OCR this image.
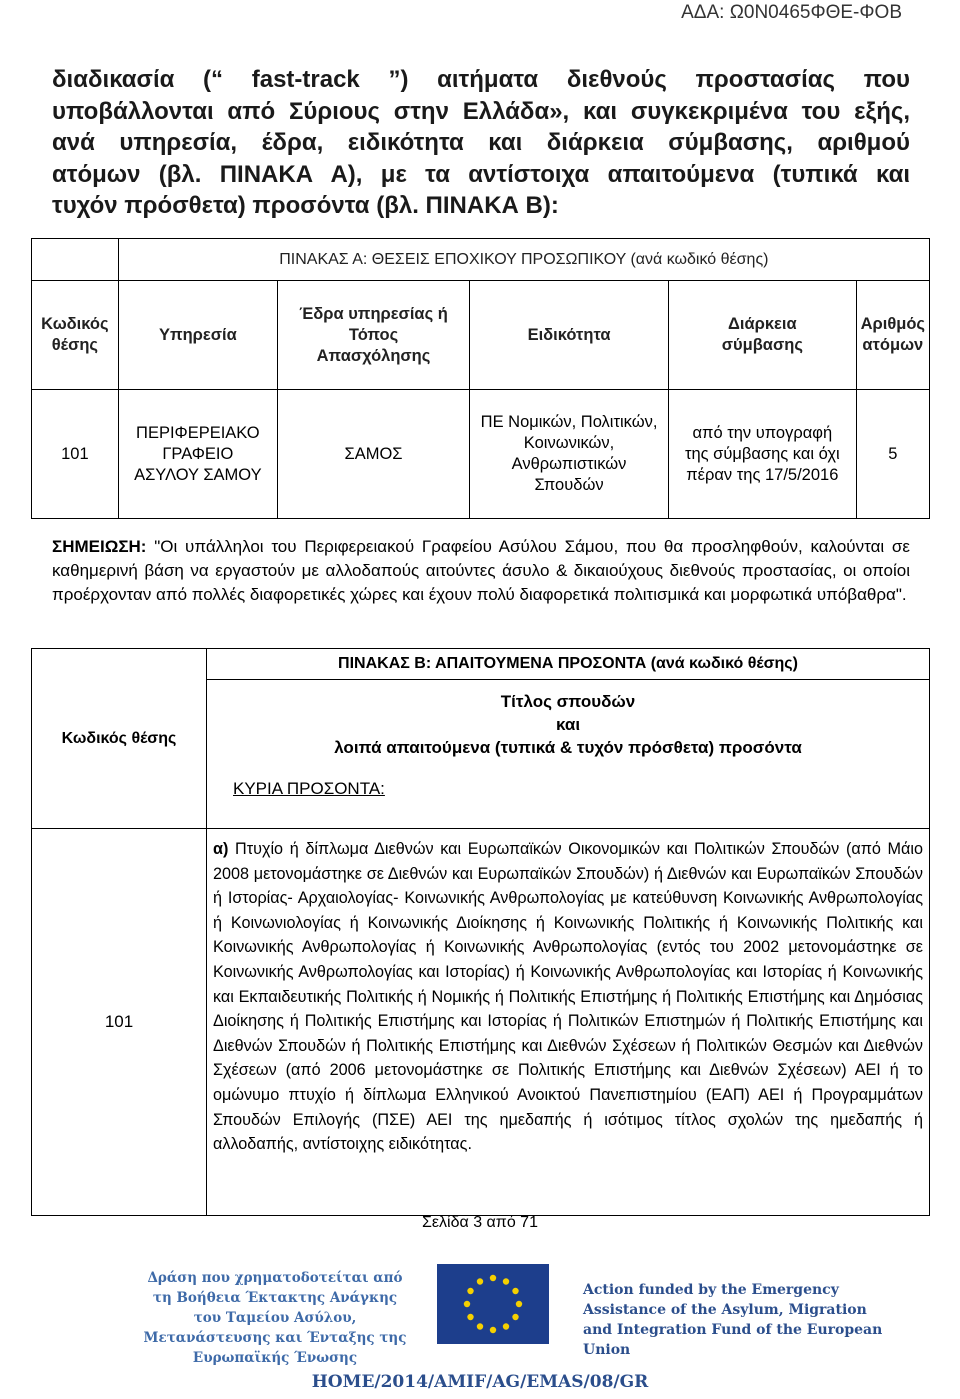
ΑΔΑ: Ω0Ν0465ΦΘΕ-ΦΟΒ
διαδικασία (“ fast-track ”) αιτήματα διεθνούς προστασίας που
υποβάλλονται από Σύριους στην Ελλάδα», και συγκεκριμένα του εξής,
ανά υπηρεσία, έδρα, ειδικότητα και διάρκεια σύμβασης, αριθμού
ατόμων (βλ. ΠΙΝΑΚΑ Α), με τα αντίστοιχα απαιτούμενα (τυπικά και
τυχόν πρόσθετα) προσόντα (βλ. ΠΙΝΑΚΑ Β):
	ΠΙΝΑΚΑΣ Α: ΘΕΣΕΙΣ ΕΠΟΧΙΚΟΥ ΠΡΟΣΩΠΙΚΟΥ (ανά κωδικό θέσης)				
Κωδικός θέσης	Υπηρεσία	Έδρα υπηρεσίας ή Τόπος Απασχόλησης	Ειδικότητα	Διάρκεια σύμβασης	Αριθμός ατόμων
101	ΠΕΡΙΦΕΡΕΙΑΚΟ ΓΡΑΦΕΙΟ ΑΣΥΛΟΥ ΣΑΜΟΥ	ΣΑΜΟΣ	ΠΕ Νομικών, Πολιτικών, Κοινωνικών, Ανθρωπιστικών Σπουδών	από την υπογραφή της σύμβασης και όχι πέραν της 17/5/2016	5
ΣΗΜΕΙΩΣΗ: "Οι υπάλληλοι του Περιφερειακού Γραφείου Ασύλου Σάμου, που θα προσληφθούν, καλούνται σε καθημερινή βάση να εργαστούν με αλλοδαπούς αιτούντες άσυλο & δικαιούχους διεθνούς προστασίας, οι οποίοι προέρχονταν από πολλές διαφορετικές χώρες και έχουν πολύ διαφορετικά πολιτισμικά και μορφωτικά υπόβαθρα".
Κωδικός θέσης	ΠΙΝΑΚΑΣ Β: ΑΠΑΙΤΟΥΜΕΝΑ ΠΡΟΣΟΝΤΑ (ανά κωδικό θέσης)

	Τίτλος σπουδών
και
λοιπά απαιτούμενα (τυπικά & τυχόν πρόσθετα) προσόντα
ΚΥΡΙΑ ΠΡΟΣΟΝΤΑ:

101	α) Πτυχίο ή δίπλωμα Διεθνών και Ευρωπαϊκών Οικονομικών και Πολιτικών Σπουδών (από Μάιο 2008 μετονομάστηκε σε Διεθνών και Ευρωπαϊκών Σπουδών) ή Διεθνών και Ευρωπαϊκών Σπουδών ή Ιστορίας- Αρχαιολογίας- Κοινωνικής Ανθρωπολογίας με κατεύθυνση Κοινωνικής Ανθρωπολογίας ή Κοινωνιολογίας ή Κοινωνικής Διοίκησης ή Κοινωνικής Πολιτικής ή Κοινωνικής Πολιτικής και Κοινωνικής Ανθρωπολογίας ή Κοινωνικής Ανθρωπολογίας (εντός του 2002 μετονομάστηκε σε Κοινωνικής Ανθρωπολογίας και Ιστορίας) ή Κοινωνικής Ανθρωπολογίας και Ιστορίας ή Κοινωνικής και Εκπαιδευτικής Πολιτικής ή Νομικής ή Πολιτικής Επιστήμης ή Πολιτικής Επιστήμης και Δημόσιας Διοίκησης ή Πολιτικής Επιστήμης και Ιστορίας ή Πολιτικών Επιστημών ή Πολιτικής Επιστήμης και Διεθνών Σπουδών ή Πολιτικής Επιστήμης και Διεθνών Σχέσεων ή Πολιτικών Θεσμών και Διεθνών Σχέσεων (από 2006 μετονομάστηκε σε Πολιτικής Επιστήμης και Διεθνών Σχέσεων) ΑΕΙ ή το ομώνυμο πτυχίο ή δίπλωμα Ελληνικού Ανοικτού Πανεπιστημίου (ΕΑΠ) ΑΕΙ ή Προγραμμάτων Σπουδών Επιλογής (ΠΣΕ) ΑΕΙ της ημεδαπής ή ισότιμος τίτλος σχολών της ημεδαπής ή αλλοδαπής, αντίστοιχης ειδικότητας.
Σελίδα 3 από 71
Δράση που χρηματοδοτείται από τη Βοήθεια Έκτακτης Ανάγκης του Ταμείου Ασύλου, Μετανάστευσης και Ένταξης της Ευρωπαϊκής Ένωσης
Action funded by the Emergency Assistance of the Asylum, Migration and Integration Fund of the European Union
HOME/2014/AMIF/AG/EMAS/08/GR
